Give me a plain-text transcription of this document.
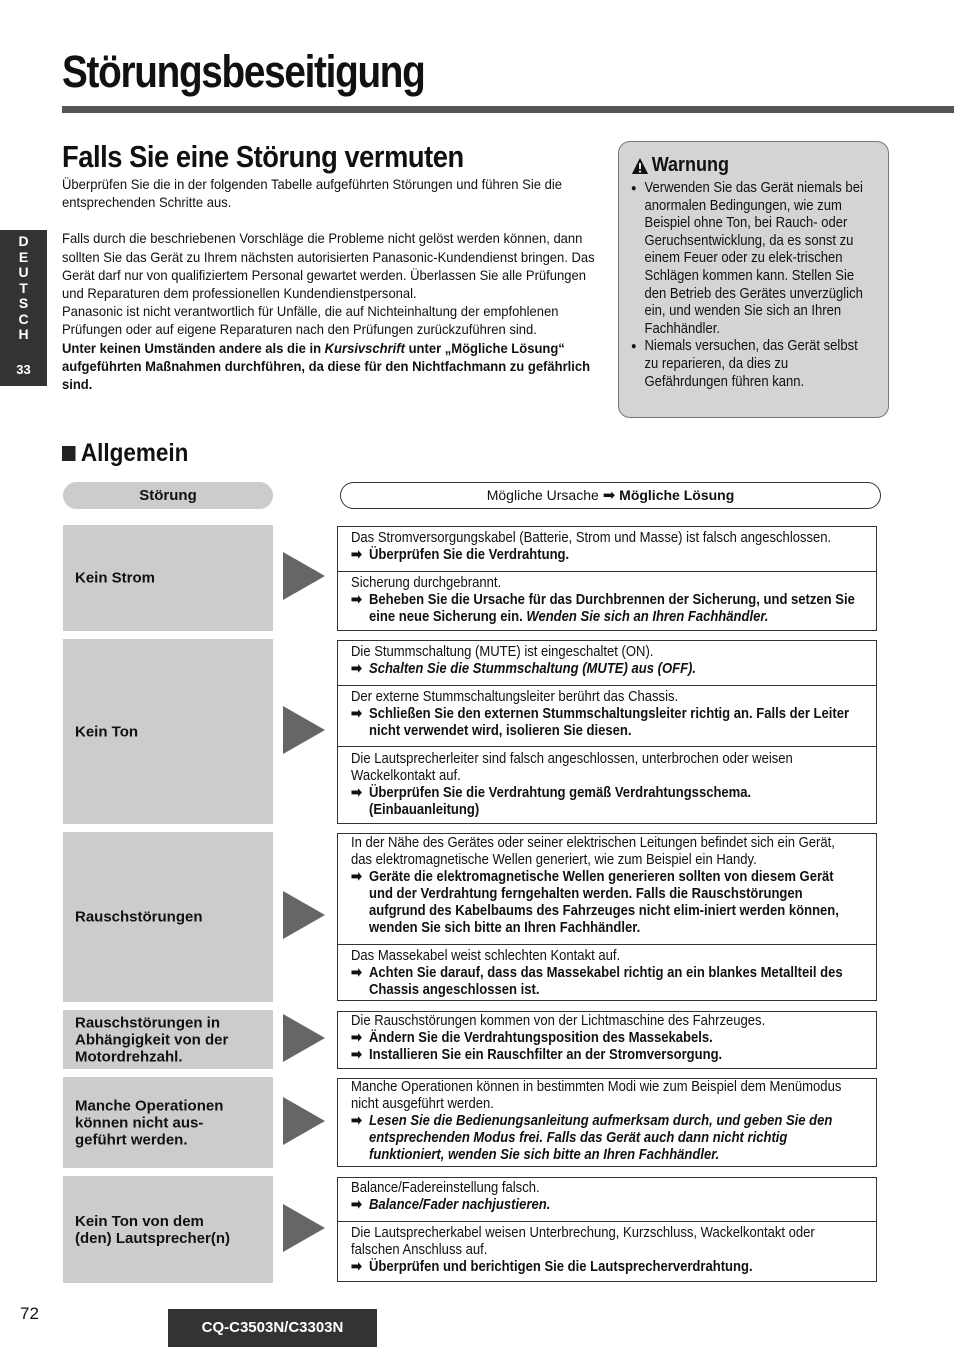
Störungsbeseitigung
D
E
U
T
S
C
H
33
Falls Sie eine Störung vermuten

Überprüfen Sie die in der folgenden Tabelle aufgeführten Störungen und führen Sie die entsprechenden Schritte aus.

Falls durch die beschriebenen Vorschläge die Probleme nicht gelöst werden können, dann sollten Sie das Gerät zu Ihrem nächsten autorisierten Panasonic-Kundendienst bringen. Das Gerät darf nur von qualifiziertem Personal gewartet werden. Überlassen Sie alle Prüfungen und Reparaturen dem professionellen Kundendienstpersonal.

Panasonic ist nicht verantwortlich für Unfälle, die auf Nichteinhaltung der empfohlenen Prüfungen oder auf eigene Reparaturen nach den Prüfungen zurückzuführen sind.

Unter keinen Umständen andere als die in Kursivschrift unter „Mögliche Lösung“ aufgeführten Maßnahmen durchführen, da diese für den Nichtfachmann zu gefährlich sind.

Warnung
● Verwenden Sie das Gerät niemals bei anormalen Bedingungen, wie zum Beispiel ohne Ton, bei Rauch- oder Geruchsentwicklung, da es sonst zu einem Feuer oder zu elek-trischen Schlägen kommen kann. Stellen Sie den Betrieb des Gerätes unverzüglich ein, und wenden Sie sich an Ihren Fachhändler.
● Niemals versuchen, das Gerät selbst zu reparieren, da dies zu Gefährdungen führen kann.
Allgemein
Störung	Mögliche Ursache ➡ Mögliche Lösung
Kein Strom
Das Stromversorgungskabel (Batterie, Strom und Masse) ist falsch angeschlossen.
➡ Überprüfen Sie die Verdrahtung.
Sicherung durchgebrannt.
➡ Beheben Sie die Ursache für das Durchbrennen der Sicherung, und setzen Sie eine neue Sicherung ein. Wenden Sie sich an Ihren Fachhändler.
Kein Ton
Die Stummschaltung (MUTE) ist eingeschaltet (ON).
➡ Schalten Sie die Stummschaltung (MUTE) aus (OFF).
Der externe Stummschaltungsleiter berührt das Chassis.
➡ Schließen Sie den externen Stummschaltungsleiter richtig an. Falls der Leiter nicht verwendet wird, isolieren Sie diesen.
Die Lautsprecherleiter sind falsch angeschlossen, unterbrochen oder weisen Wackelkontakt auf.
➡ Überprüfen Sie die Verdrahtung gemäß Verdrahtungsschema. (Einbauanleitung)
Rauschstörungen
In der Nähe des Gerätes oder seiner elektrischen Leitungen befindet sich ein Gerät, das elektromagnetische Wellen generiert, wie zum Beispiel ein Handy.
➡ Geräte die elektromagnetische Wellen generieren sollten von diesem Gerät und der Verdrahtung ferngehalten werden. Falls die Rauschstörungen aufgrund des Kabelbaums des Fahrzeuges nicht elim-iniert werden können, wenden Sie sich bitte an Ihren Fachhändler.
Das Massekabel weist schlechten Kontakt auf.
➡ Achten Sie darauf, dass das Massekabel richtig an ein blankes Metallteil des Chassis angeschlossen ist.
Rauschstörungen in
Abhängigkeit von der
Motordrehzahl.
Die Rauschstörungen kommen von der Lichtmaschine des Fahrzeuges.
➡ Ändern Sie die Verdrahtungsposition des Massekabels.
➡ Installieren Sie ein Rauschfilter an der Stromversorgung.
Manche Operationen
können nicht aus-
geführt werden.
Manche Operationen können in bestimmten Modi wie zum Beispiel dem Menümodus nicht ausgeführt werden.
➡ Lesen Sie die Bedienungsanleitung aufmerksam durch, und geben Sie den entsprechenden Modus frei. Falls das Gerät auch dann nicht richtig funktioniert, wenden Sie sich bitte an Ihren Fachhändler.
Kein Ton von dem
(den) Lautsprecher(n)
Balance/Fadereinstellung falsch.
➡ Balance/Fader nachjustieren.
Die Lautsprecherkabel weisen Unterbrechung, Kurzschluss, Wackelkontakt oder falschen Anschluss auf.
➡ Überprüfen und berichtigen Sie die Lautsprecherverdrahtung.
72
CQ-C3503N/C3303N
